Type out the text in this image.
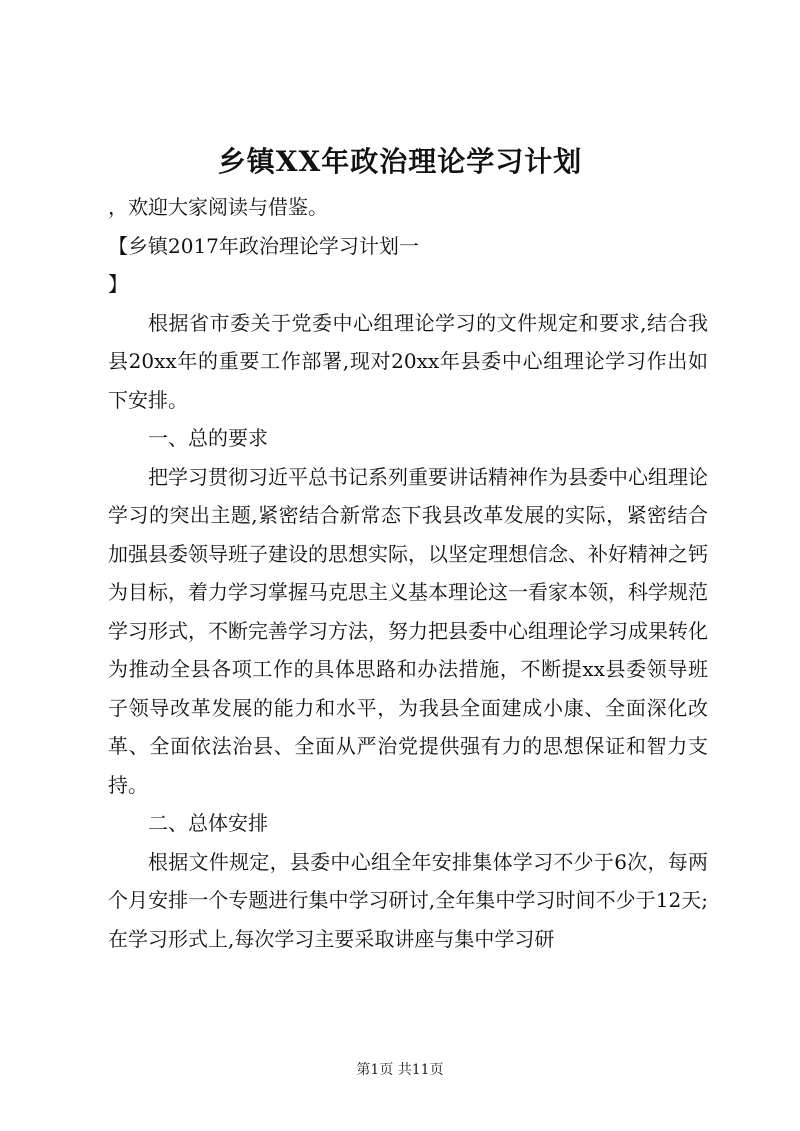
乡镇XX年政治理论学习计划

，欢迎大家阅读与借鉴。

【乡镇2017年政治理论学习计划一

】

根据省市委关于党委中心组理论学习的文件规定和要求,结合我县20xx年的重要工作部署,现对20xx年县委中心组理论学习作出如下安排。

一、总的要求

把学习贯彻习近平总书记系列重要讲话精神作为县委中心组理论学习的突出主题,紧密结合新常态下我县改革发展的实际，紧密结合加强县委领导班子建设的思想实际，以坚定理想信念、补好精神之钙为目标，着力学习掌握马克思主义基本理论这一看家本领，科学规范学习形式，不断完善学习方法，努力把县委中心组理论学习成果转化为推动全县各项工作的具体思路和办法措施，不断提xx县委领导班子领导改革发展的能力和水平，为我县全面建成小康、全面深化改革、全面依法治县、全面从严治党提供强有力的思想保证和智力支持。

二、总体安排

根据文件规定，县委中心组全年安排集体学习不少于6次，每两个月安排一个专题进行集中学习研讨,全年集中学习时间不少于12天;在学习形式上,每次学习主要采取讲座与集中学习研

第1页 共11页
